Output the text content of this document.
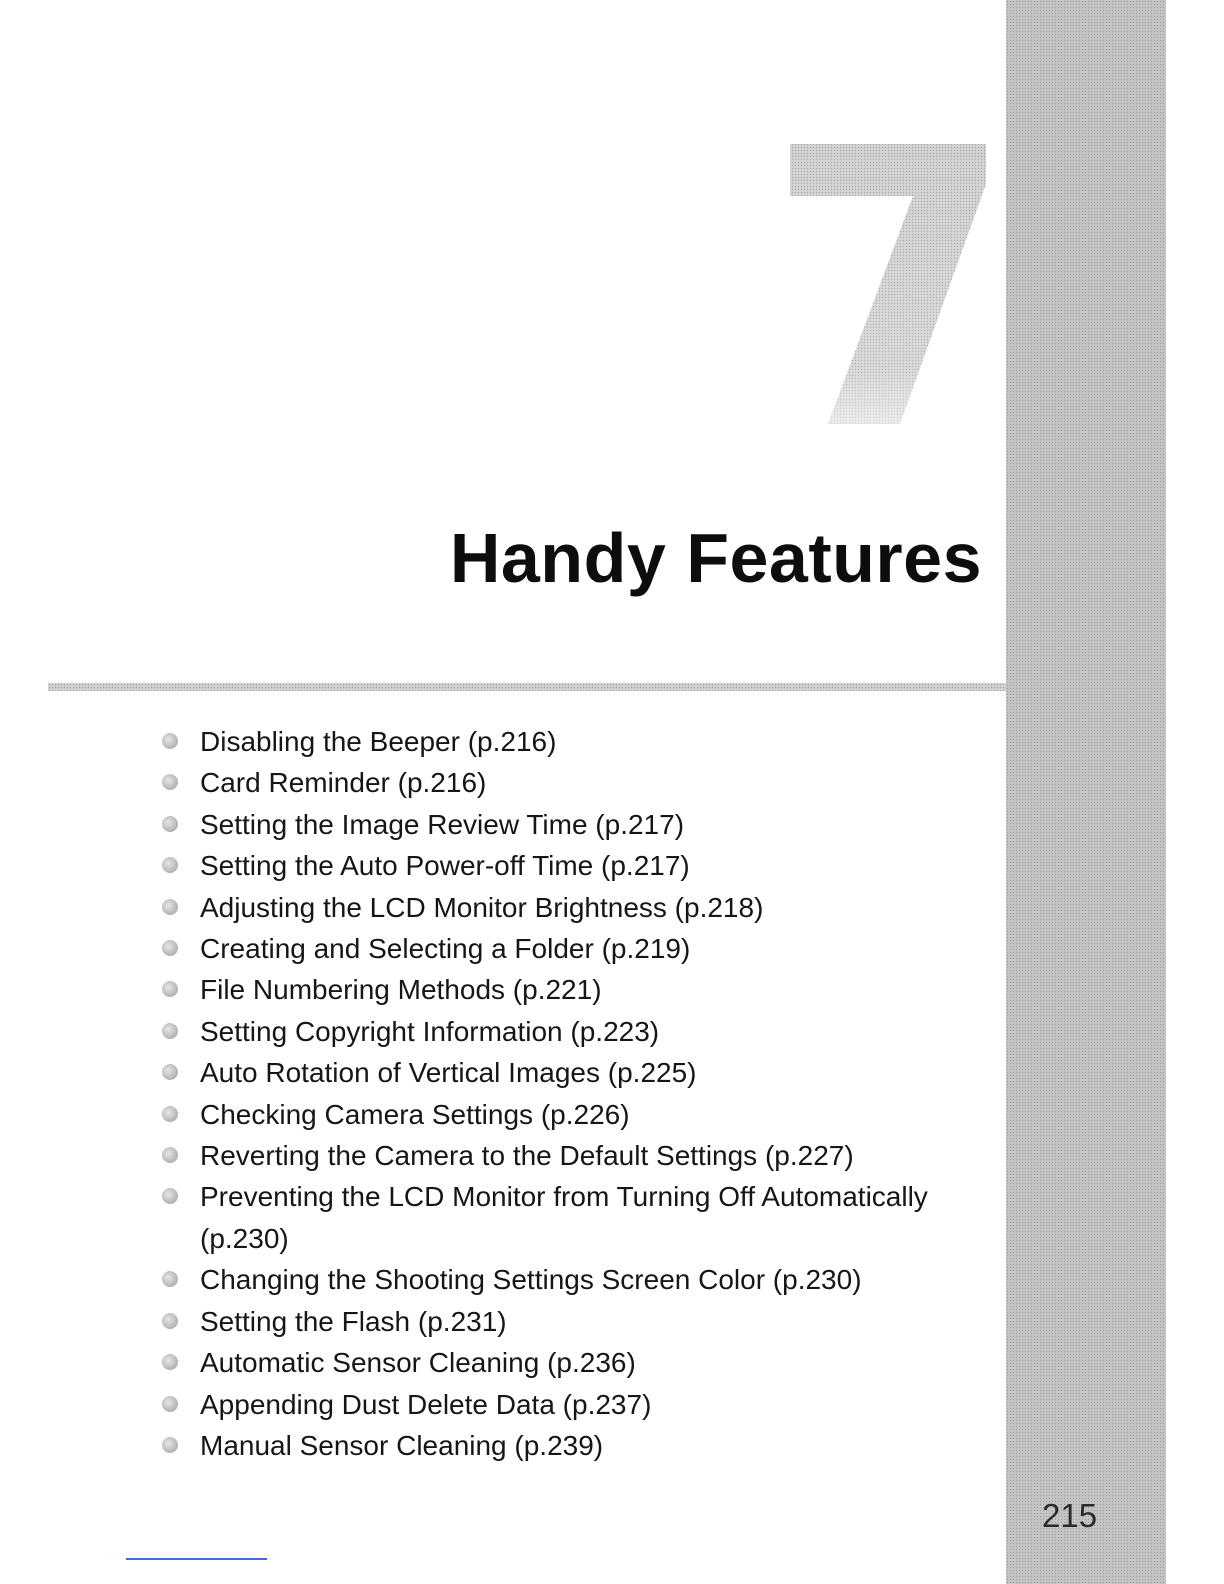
Handy Features
Disabling the Beeper (p.216)
Card Reminder (p.216)
Setting the Image Review Time (p.217)
Setting the Auto Power-off Time (p.217)
Adjusting the LCD Monitor Brightness (p.218)
Creating and Selecting a Folder (p.219)
File Numbering Methods (p.221)
Setting Copyright Information (p.223)
Auto Rotation of Vertical Images (p.225)
Checking Camera Settings (p.226)
Reverting the Camera to the Default Settings (p.227)
Preventing the LCD Monitor from Turning Off Automatically (p.230)
Changing the Shooting Settings Screen Color (p.230)
Setting the Flash (p.231)
Automatic Sensor Cleaning (p.236)
Appending Dust Delete Data (p.237)
Manual Sensor Cleaning (p.239)
215
